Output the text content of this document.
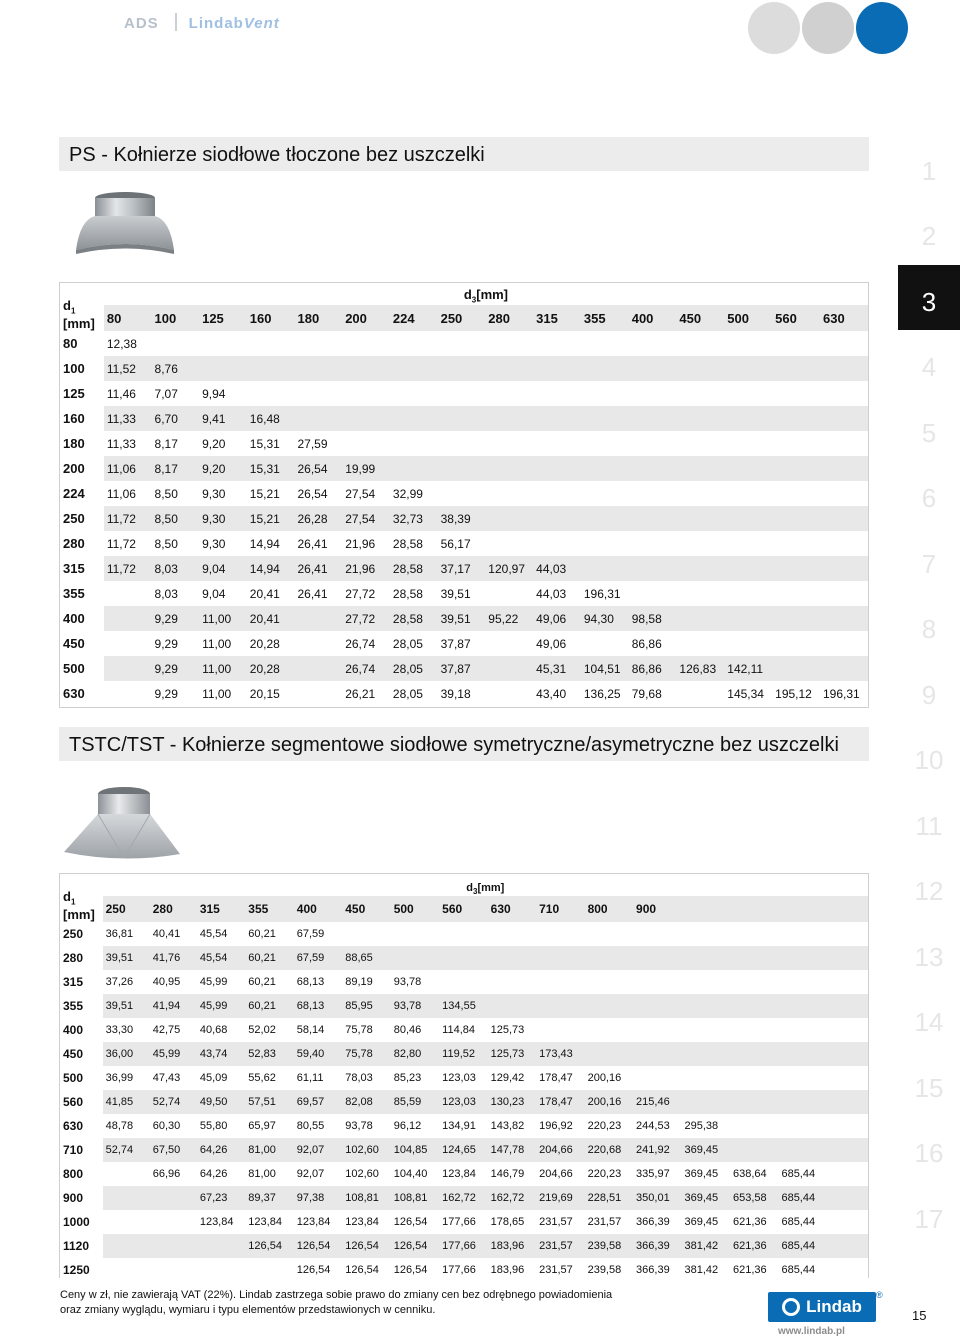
ADS LindabVent
1
2
3
4
5
6
7
8
9
10
11
12
13
14
15
16
17
PS - Kołnierze siodłowe tłoczone bez uszczelki
$d_1$
[mm]	$d_3[mm]$															
	80	100	125	160	180	200	224	250	280	315	355	400	450	500	560	630
80	12,38															
100	11,52	8,76														
125	11,46	7,07	9,94													
160	11,33	6,70	9,41	16,48												
180	11,33	8,17	9,20	15,31	27,59											
200	11,06	8,17	9,20	15,31	26,54	19,99										
224	11,06	8,50	9,30	15,21	26,54	27,54	32,99									
250	11,72	8,50	9,30	15,21	26,28	27,54	32,73	38,39								
280	11,72	8,50	9,30	14,94	26,41	21,96	28,58	56,17								
315	11,72	8,03	9,04	14,94	26,41	21,96	28,58	37,17	120,97	44,03						
355		8,03	9,04	20,41	26,41	27,72	28,58	39,51		44,03	196,31					
400		9,29	11,00	20,41		27,72	28,58	39,51	95,22	49,06	94,30	98,58				
450		9,29	11,00	20,28		26,74	28,05	37,87		49,06		86,86				
500		9,29	11,00	20,28		26,74	28,05	37,87		45,31	104,51	86,86	126,83	142,11		
630		9,29	11,00	20,15		26,21	28,05	39,18		43,40	136,25	79,68		145,34	195,12	196,31
TSTC/TST - Kołnierze segmentowe siodłowe symetryczne/asymetryczne bez uszczelki
$d_1$
[mm]	$d_3[mm]$															
	250	280	315	355	400	450	500	560	630	710	800	900				
250	36,81	40,41	45,54	60,21	67,59											
280	39,51	41,76	45,54	60,21	67,59	88,65										
315	37,26	40,95	45,99	60,21	68,13	89,19	93,78									
355	39,51	41,94	45,99	60,21	68,13	85,95	93,78	134,55								
400	33,30	42,75	40,68	52,02	58,14	75,78	80,46	114,84	125,73							
450	36,00	45,99	43,74	52,83	59,40	75,78	82,80	119,52	125,73	173,43						
500	36,99	47,43	45,09	55,62	61,11	78,03	85,23	123,03	129,42	178,47	200,16					
560	41,85	52,74	49,50	57,51	69,57	82,08	85,59	123,03	130,23	178,47	200,16	215,46				
630	48,78	60,30	55,80	65,97	80,55	93,78	96,12	134,91	143,82	196,92	220,23	244,53	295,38			
710	52,74	67,50	64,26	81,00	92,07	102,60	104,85	124,65	147,78	204,66	220,68	241,92	369,45			
800		66,96	64,26	81,00	92,07	102,60	104,40	123,84	146,79	204,66	220,23	335,97	369,45	638,64	685,44	
900			67,23	89,37	97,38	108,81	108,81	162,72	162,72	219,69	228,51	350,01	369,45	653,58	685,44	
1000			123,84	123,84	123,84	123,84	126,54	177,66	178,65	231,57	231,57	366,39	369,45	621,36	685,44	
1120				126,54	126,54	126,54	126,54	177,66	183,96	231,57	239,58	366,39	381,42	621,36	685,44	
1250					126,54	126,54	126,54	177,66	183,96	231,57	239,58	366,39	381,42	621,36	685,44	
Ceny w zł, nie zawierają VAT (22%). Lindab zastrzega sobie prawo do zmiany cen bez odrębnego powiadomienia
oraz zmiany wyglądu, wymiaru i typu elementów przedstawionych w cenniku.	Lindab
®
www.lindab.pl
15
